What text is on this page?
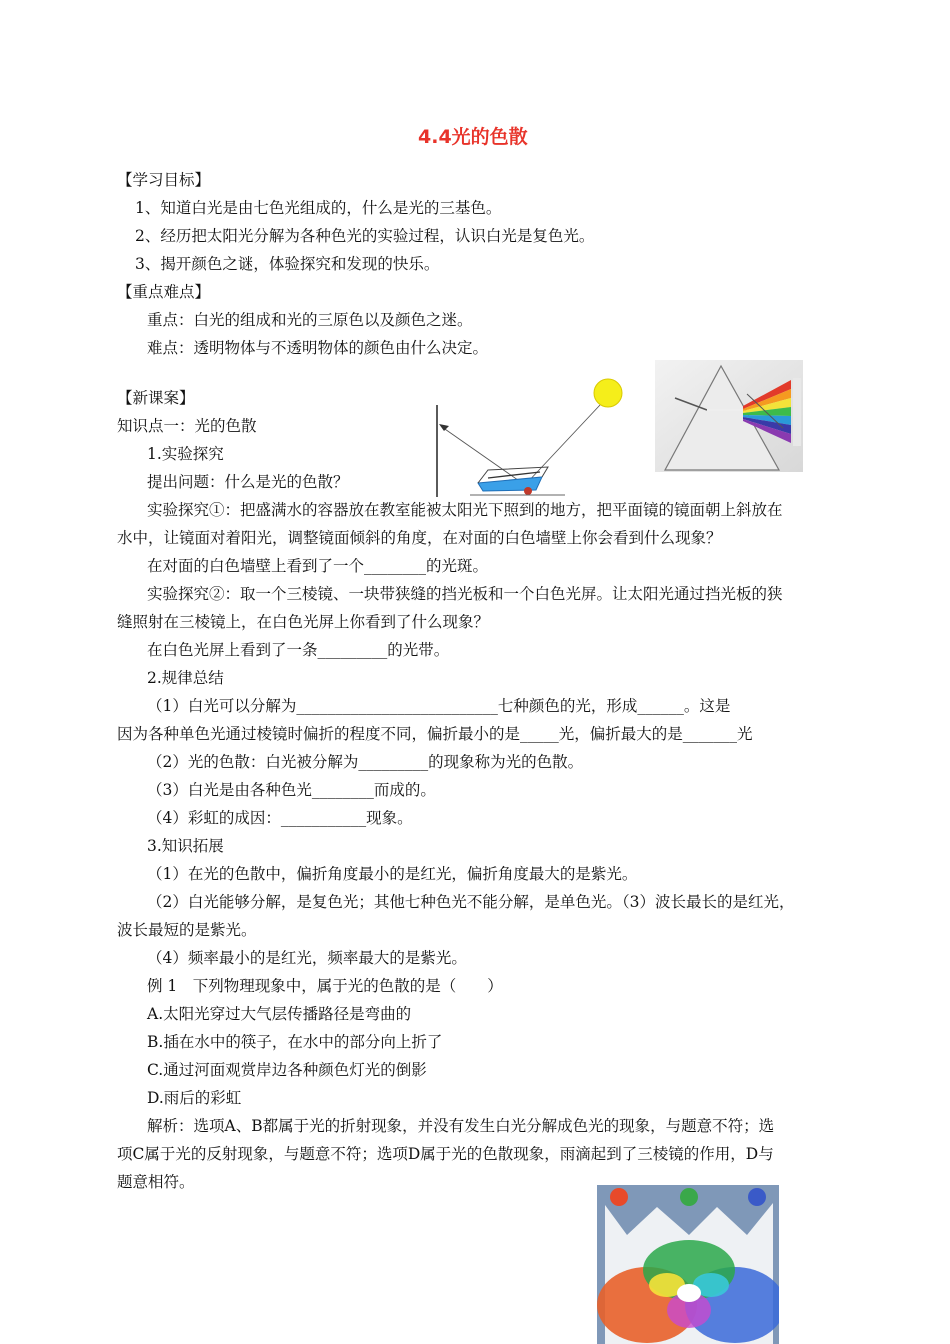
4.4光的色散
【学习目标】
1、知道白光是由七色光组成的，什么是光的三基色。
2、经历把太阳光分解为各种色光的实验过程，认识白光是复色光。
3、揭开颜色之谜，体验探究和发现的快乐。
【重点难点】
重点：白光的组成和光的三原色以及颜色之迷。
难点：透明物体与不透明物体的颜色由什么决定。
【新课案】
知识点一：光的色散
1.实验探究
提出问题：什么是光的色散？
实验探究①：把盛满水的容器放在教室能被太阳光下照到的地方，把平面镜的镜面朝上斜放在
水中，让镜面对着阳光，调整镜面倾斜的角度，在对面的白色墙壁上你会看到什么现象？
在对面的白色墙壁上看到了一个________的光斑。
实验探究②：取一个三棱镜、一块带狭缝的挡光板和一个白色光屏。让太阳光通过挡光板的狭
缝照射在三棱镜上，在白色光屏上你看到了什么现象？
在白色光屏上看到了一条_________的光带。
2.规律总结
（1）白光可以分解为__________________________七种颜色的光，形成______。这是
因为各种单色光通过棱镜时偏折的程度不同，偏折最小的是_____光，偏折最大的是_______光
（2）光的色散：白光被分解为_________的现象称为光的色散。
（3）白光是由各种色光________而成的。
（4）彩虹的成因：___________现象。
3.知识拓展
（1）在光的色散中，偏折角度最小的是红光，偏折角度最大的是紫光。
（2）白光能够分解，是复色光；其他七种色光不能分解，是单色光。（3）波长最长的是红光，
波长最短的是紫光。
（4）频率最小的是红光，频率最大的是紫光。
例 1　下列物理现象中，属于光的色散的是（　　）
A.太阳光穿过大气层传播路径是弯曲的
B.插在水中的筷子，在水中的部分向上折了
C.通过河面观赏岸边各种颜色灯光的倒影
D.雨后的彩虹
解析：选项A、B都属于光的折射现象，并没有发生白光分解成色光的现象，与题意不符；选
项C属于光的反射现象，与题意不符；选项D属于光的色散现象，雨滴起到了三棱镜的作用，D与
题意相符。
